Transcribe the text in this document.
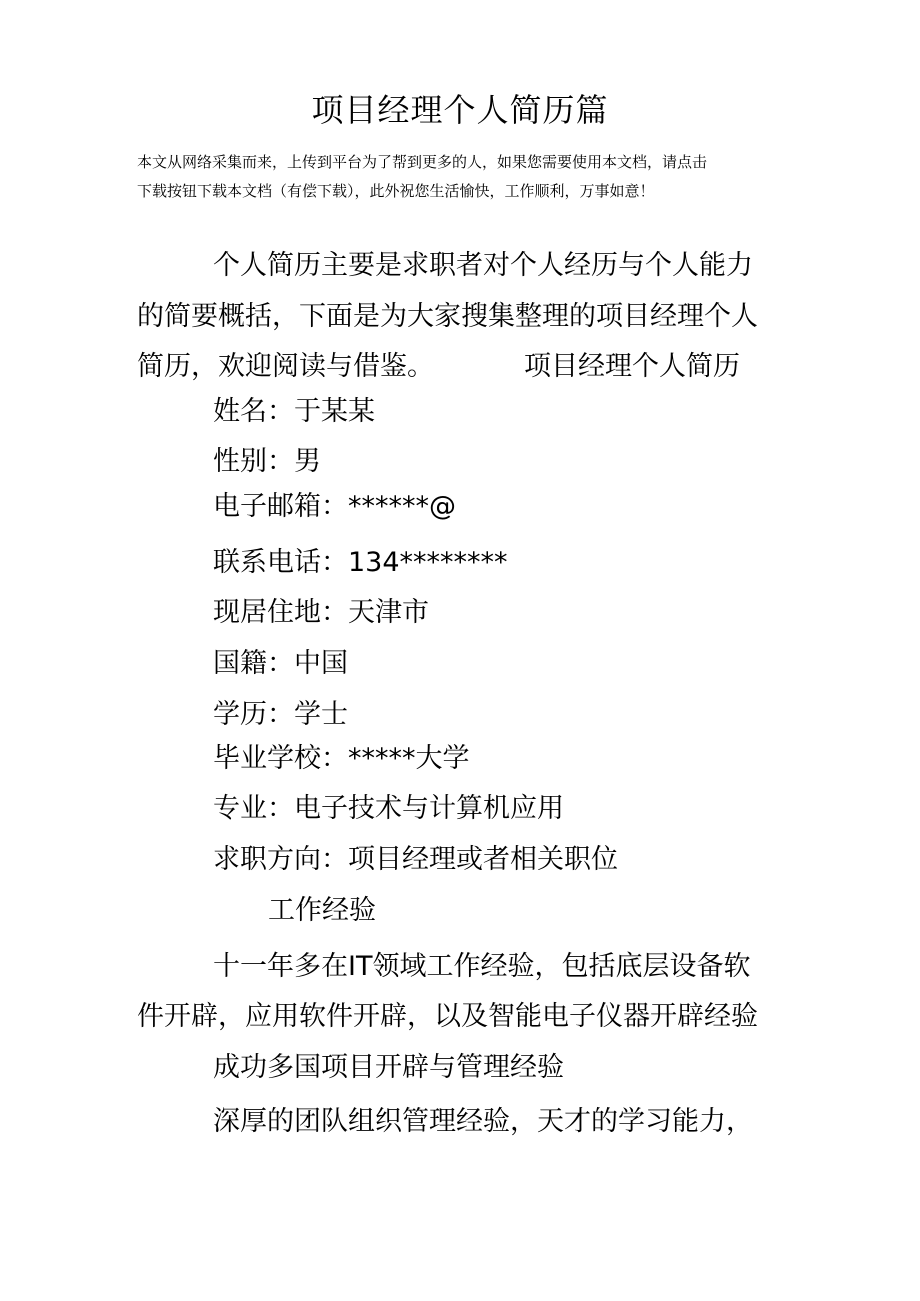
项目经理个人简历篇

本文从网络采集而来，上传到平台为了帮到更多的人，如果您需要使用本文档，请点击

下载按钮下载本文档（有偿下载），此外祝您生活愉快，工作顺利，万事如意！

个人简历主要是求职者对个人经历与个人能力

的简要概括，下面是为大家搜集整理的项目经理个人

简历，欢迎阅读与借鉴。	项目经理个人简历

姓名：于某某

性别：男

电子邮箱：******@

联系电话：134********

现居住地：天津市

国籍：中国

学历：学士

毕业学校：*****大学

专业：电子技术与计算机应用

求职方向：项目经理或者相关职位

工作经验

十一年多在IT领域工作经验，包括底层设备软

件开辟，应用软件开辟，以及智能电子仪器开辟经验

成功多国项目开辟与管理经验

深厚的团队组织管理经验，天才的学习能力，
